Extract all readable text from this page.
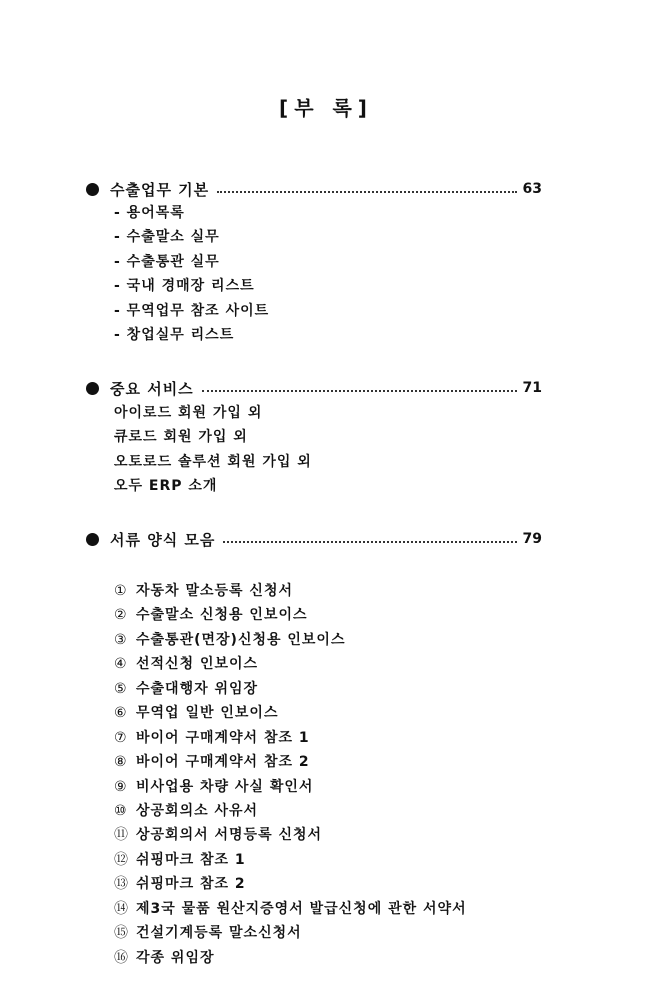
[부 록]
수출업무 기본	63
- 용어목록
- 수출말소 실무
- 수출통관 실무
- 국내 경매장 리스트
- 무역업무 참조 사이트
- 창업실무 리스트
중요 서비스	71
아이로드 회원 가입 외
큐로드 회원 가입 외
오토로드 솔루션 회원 가입 외
오두 ERP 소개
서류 양식 모음	79
① 자동차 말소등록 신청서
② 수출말소 신청용 인보이스
③ 수출통관(면장)신청용 인보이스
④ 선적신청 인보이스
⑤ 수출대행자 위임장
⑥ 무역업 일반 인보이스
⑦ 바이어 구매계약서 참조 1
⑧ 바이어 구매계약서 참조 2
⑨ 비사업용 차량 사실 확인서
⑩ 상공회의소 사유서
⑪ 상공회의서 서명등록 신청서
⑫ 쉬핑마크 참조 1
⑬ 쉬핑마크 참조 2
⑭ 제3국 물품 원산지증영서 발급신청에 관한 서약서
⑮ 건설기계등록 말소신청서
⑯ 각종 위임장
